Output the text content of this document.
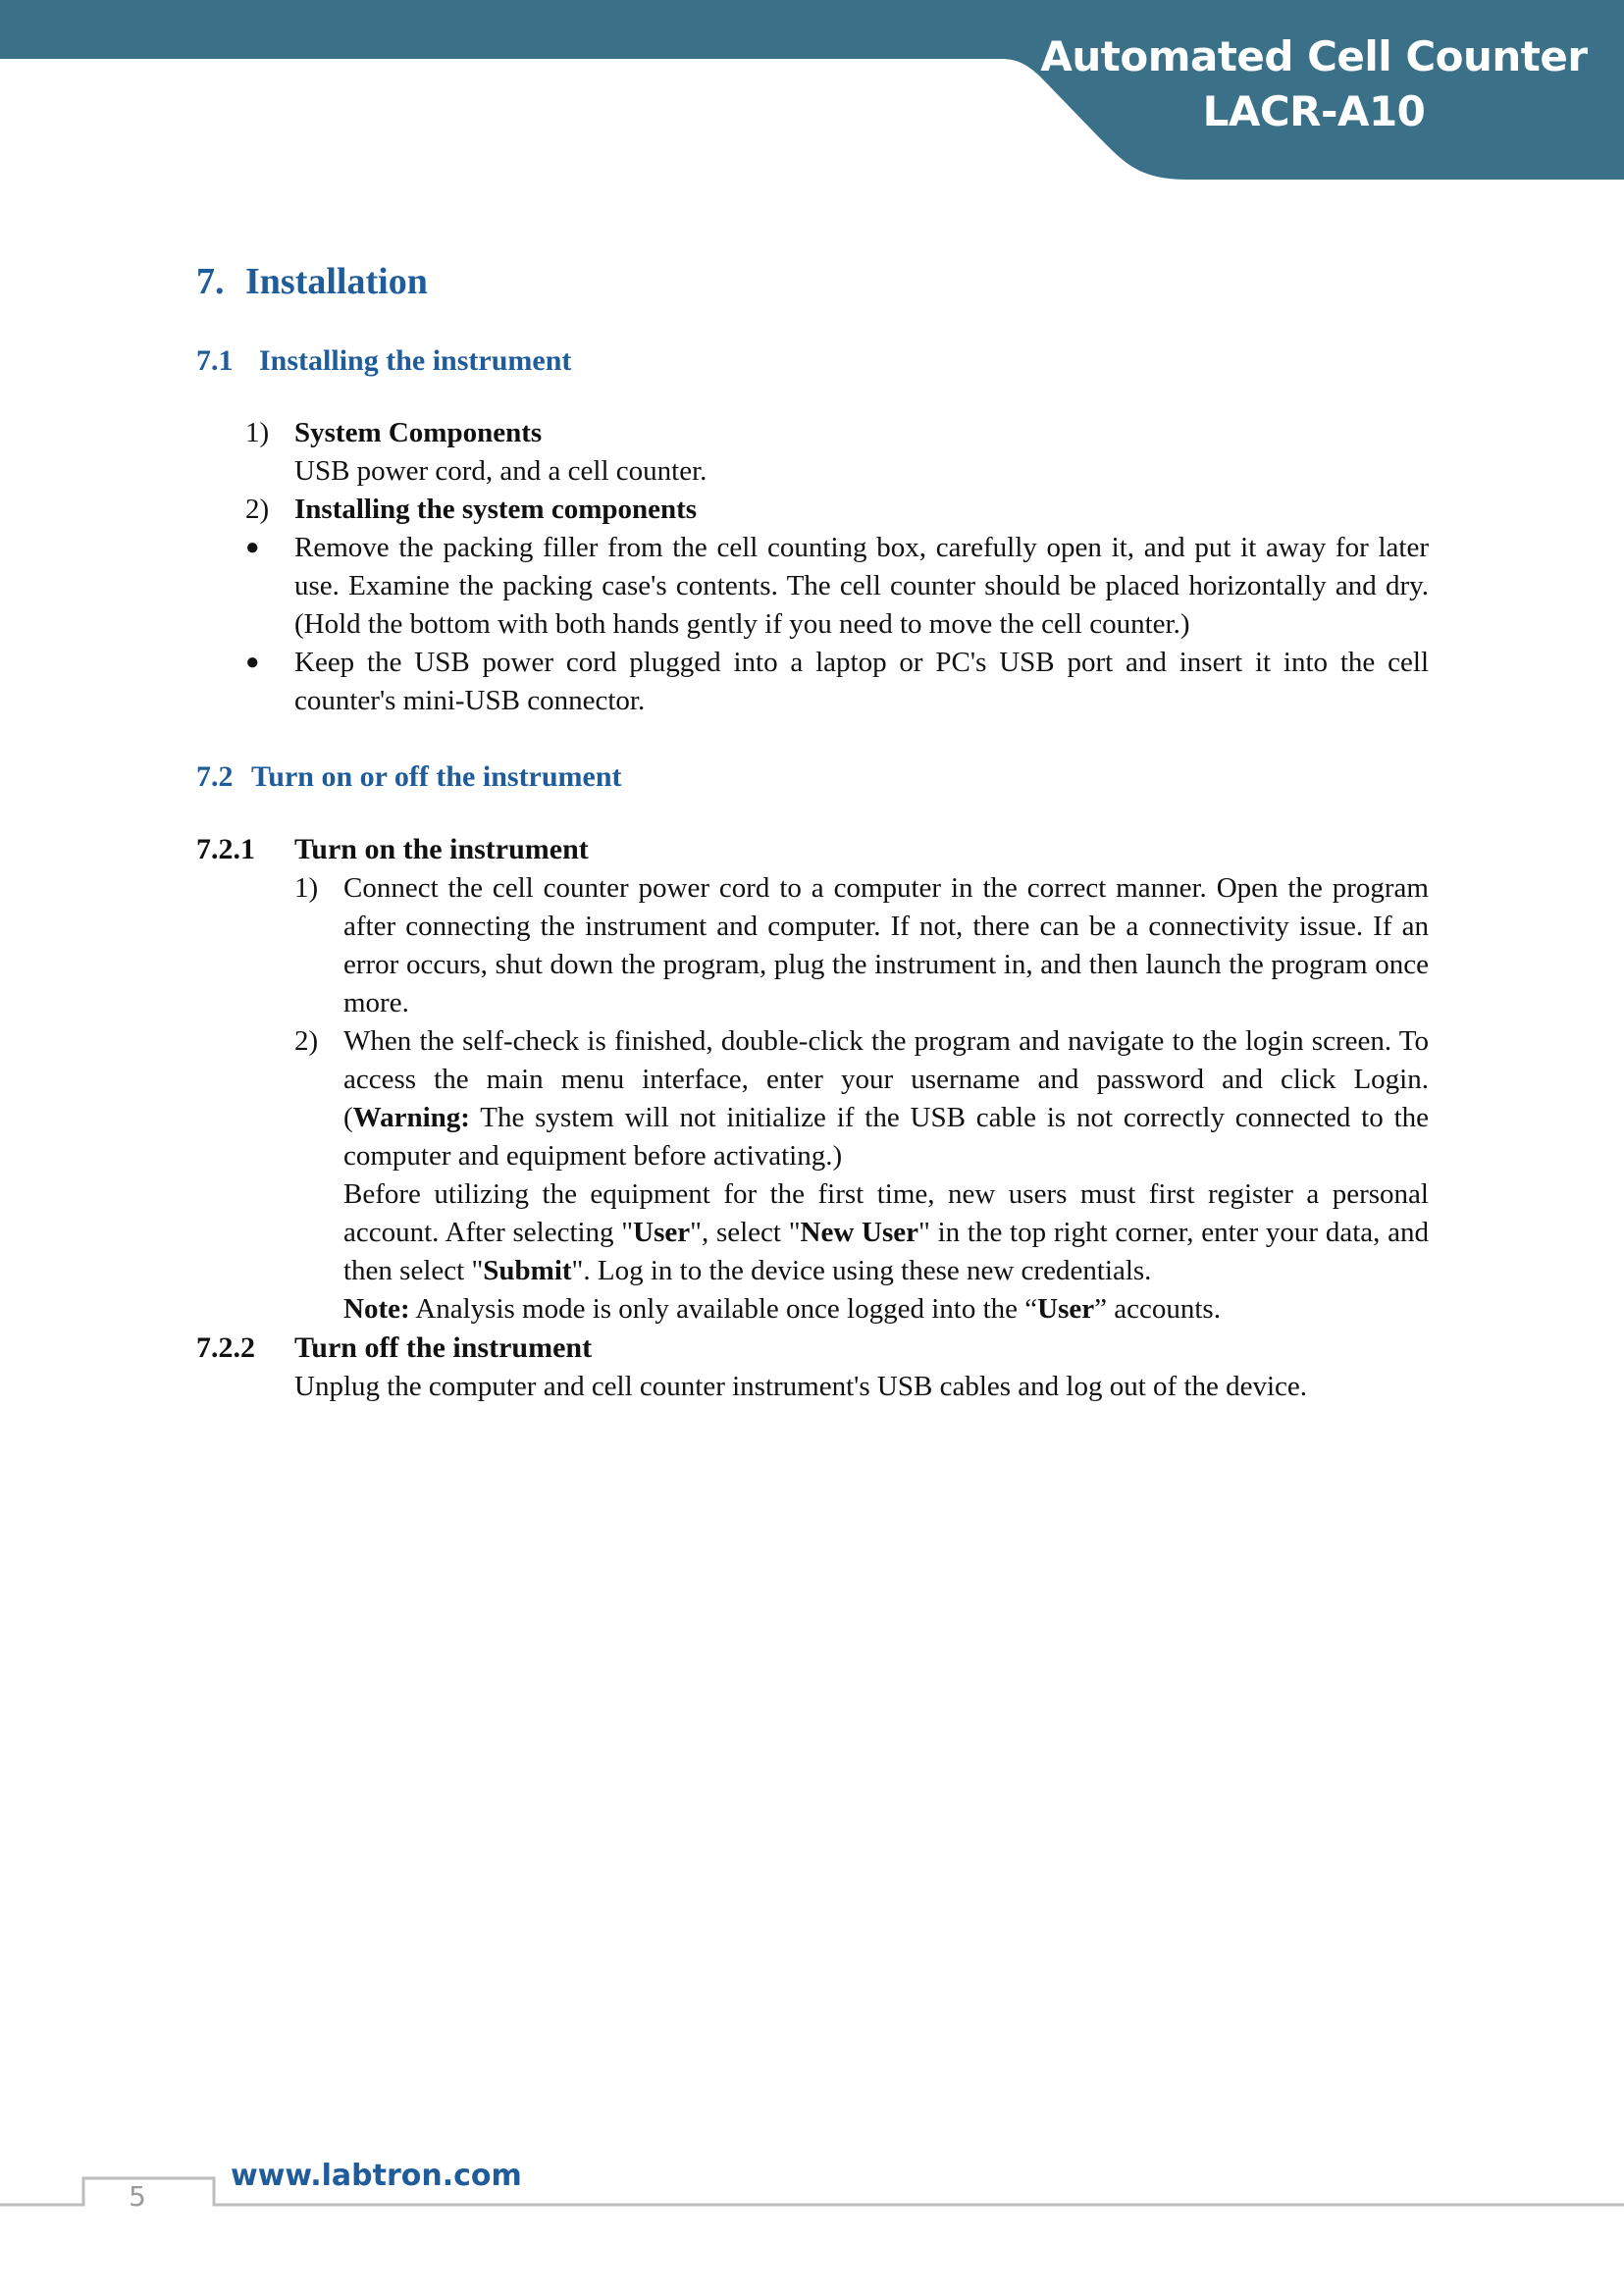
Automated Cell Counter
LACR-A10
7. Installation
7.1 Installing the instrument
1) System Components
USB power cord, and a cell counter.
2) Installing the system components
●	Remove the packing filler from the cell counting box, carefully open it, and put it away for later use. Examine the packing case's contents. The cell counter should be placed horizontally and dry. (Hold the bottom with both hands gently if you need to move the cell counter.)
●	Keep the USB power cord plugged into a laptop or PC's USB port and insert it into the cell counter's mini-USB connector.
7.2 Turn on or off the instrument
7.2.1	Turn on the instrument
1) Connect the cell counter power cord to a computer in the correct manner. Open the program after connecting the instrument and computer. If not, there can be a connectivity issue. If an error occurs, shut down the program, plug the instrument in, and then launch the program once more.
2) When the self-check is finished, double-click the program and navigate to the login screen. To access the main menu interface, enter your username and password and click Login. (Warning: The system will not initialize if the USB cable is not correctly connected to the computer and equipment before activating.)
Before utilizing the equipment for the first time, new users must first register a personal account. After selecting "User", select "New User" in the top right corner, enter your data, and then select "Submit". Log in to the device using these new credentials.
Note: Analysis mode is only available once logged into the “User” accounts.
7.2.2	Turn off the instrument
Unplug the computer and cell counter instrument's USB cables and log out of the device.
5
www.labtron.com
